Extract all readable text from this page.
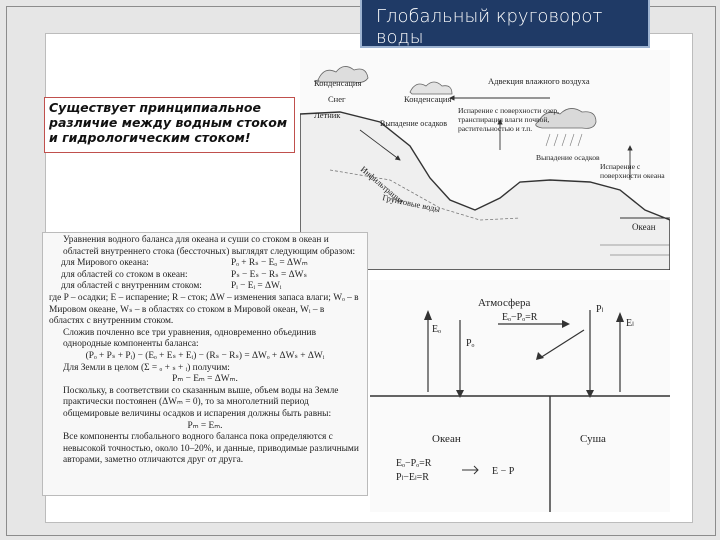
Глобальный круговорот воды
Существует принципиальное различие между водным стоком и гидрологическим стоком!
Конденсация
Снег	Конденсация
Адвекция влажного воздуха
Летник
Выпадение осадков
Испарение с поверхности озер, транспирация влаги почвой, растительностью и т.п.
Выпадение осадков
Испарение с поверхности океана
Инфильтрация
Грунтовые воды
Океан
Атмосфера
Eₒ
Pₒ
Eₒ−Pₒ=R
Pₗ
Eₗ
Океан	Суша
Eₒ−Pₒ=R
Pₗ−Eₗ=R
E − P

Уравнения водного баланса для океана и суши со стоком в океан и областей внутреннего стока (бессточных) выглядят следующим образом:

для Мирового океана:	Pₒ + Rₛ − Eₒ = ΔWₘ
для областей со стоком в океан:	Pₛ − Eₛ − Rₛ = ΔWₛ
для областей с внутренним стоком:	Pᵢ − Eᵢ = ΔWᵢ

где P – осадки; E – испарение; R – сток; ΔW – изменения запаса влаги; Wₒ – в Мировом океане, Wₛ – в областях со стоком в Мировой океан, Wᵢ – в областях с внутренним стоком.

Сложив почленно все три уравнения, одновременно объединив однородные компоненты баланса:

(Pₒ + Pₛ + Pᵢ) − (Eₒ + Eₛ + Eᵢ) − (Rₛ − Rₛ) = ΔWₒ + ΔWₛ + ΔWᵢ

Для Земли в целом (Σ = ₒ + ₛ + ᵢ) получим:

Pₘ − Eₘ = ΔWₘ.

Поскольку, в соответствии со сказанным выше, объем воды на Земле практически постоянен (ΔWₘ = 0), то за многолетний период общемировые величины осадков и испарения должны быть равны:

Pₘ = Eₘ.

Все компоненты глобального водного баланса пока определяются с невысокой точностью, около 10–20%, и данные, приводимые различными авторами, заметно отличаются друг от друга.
